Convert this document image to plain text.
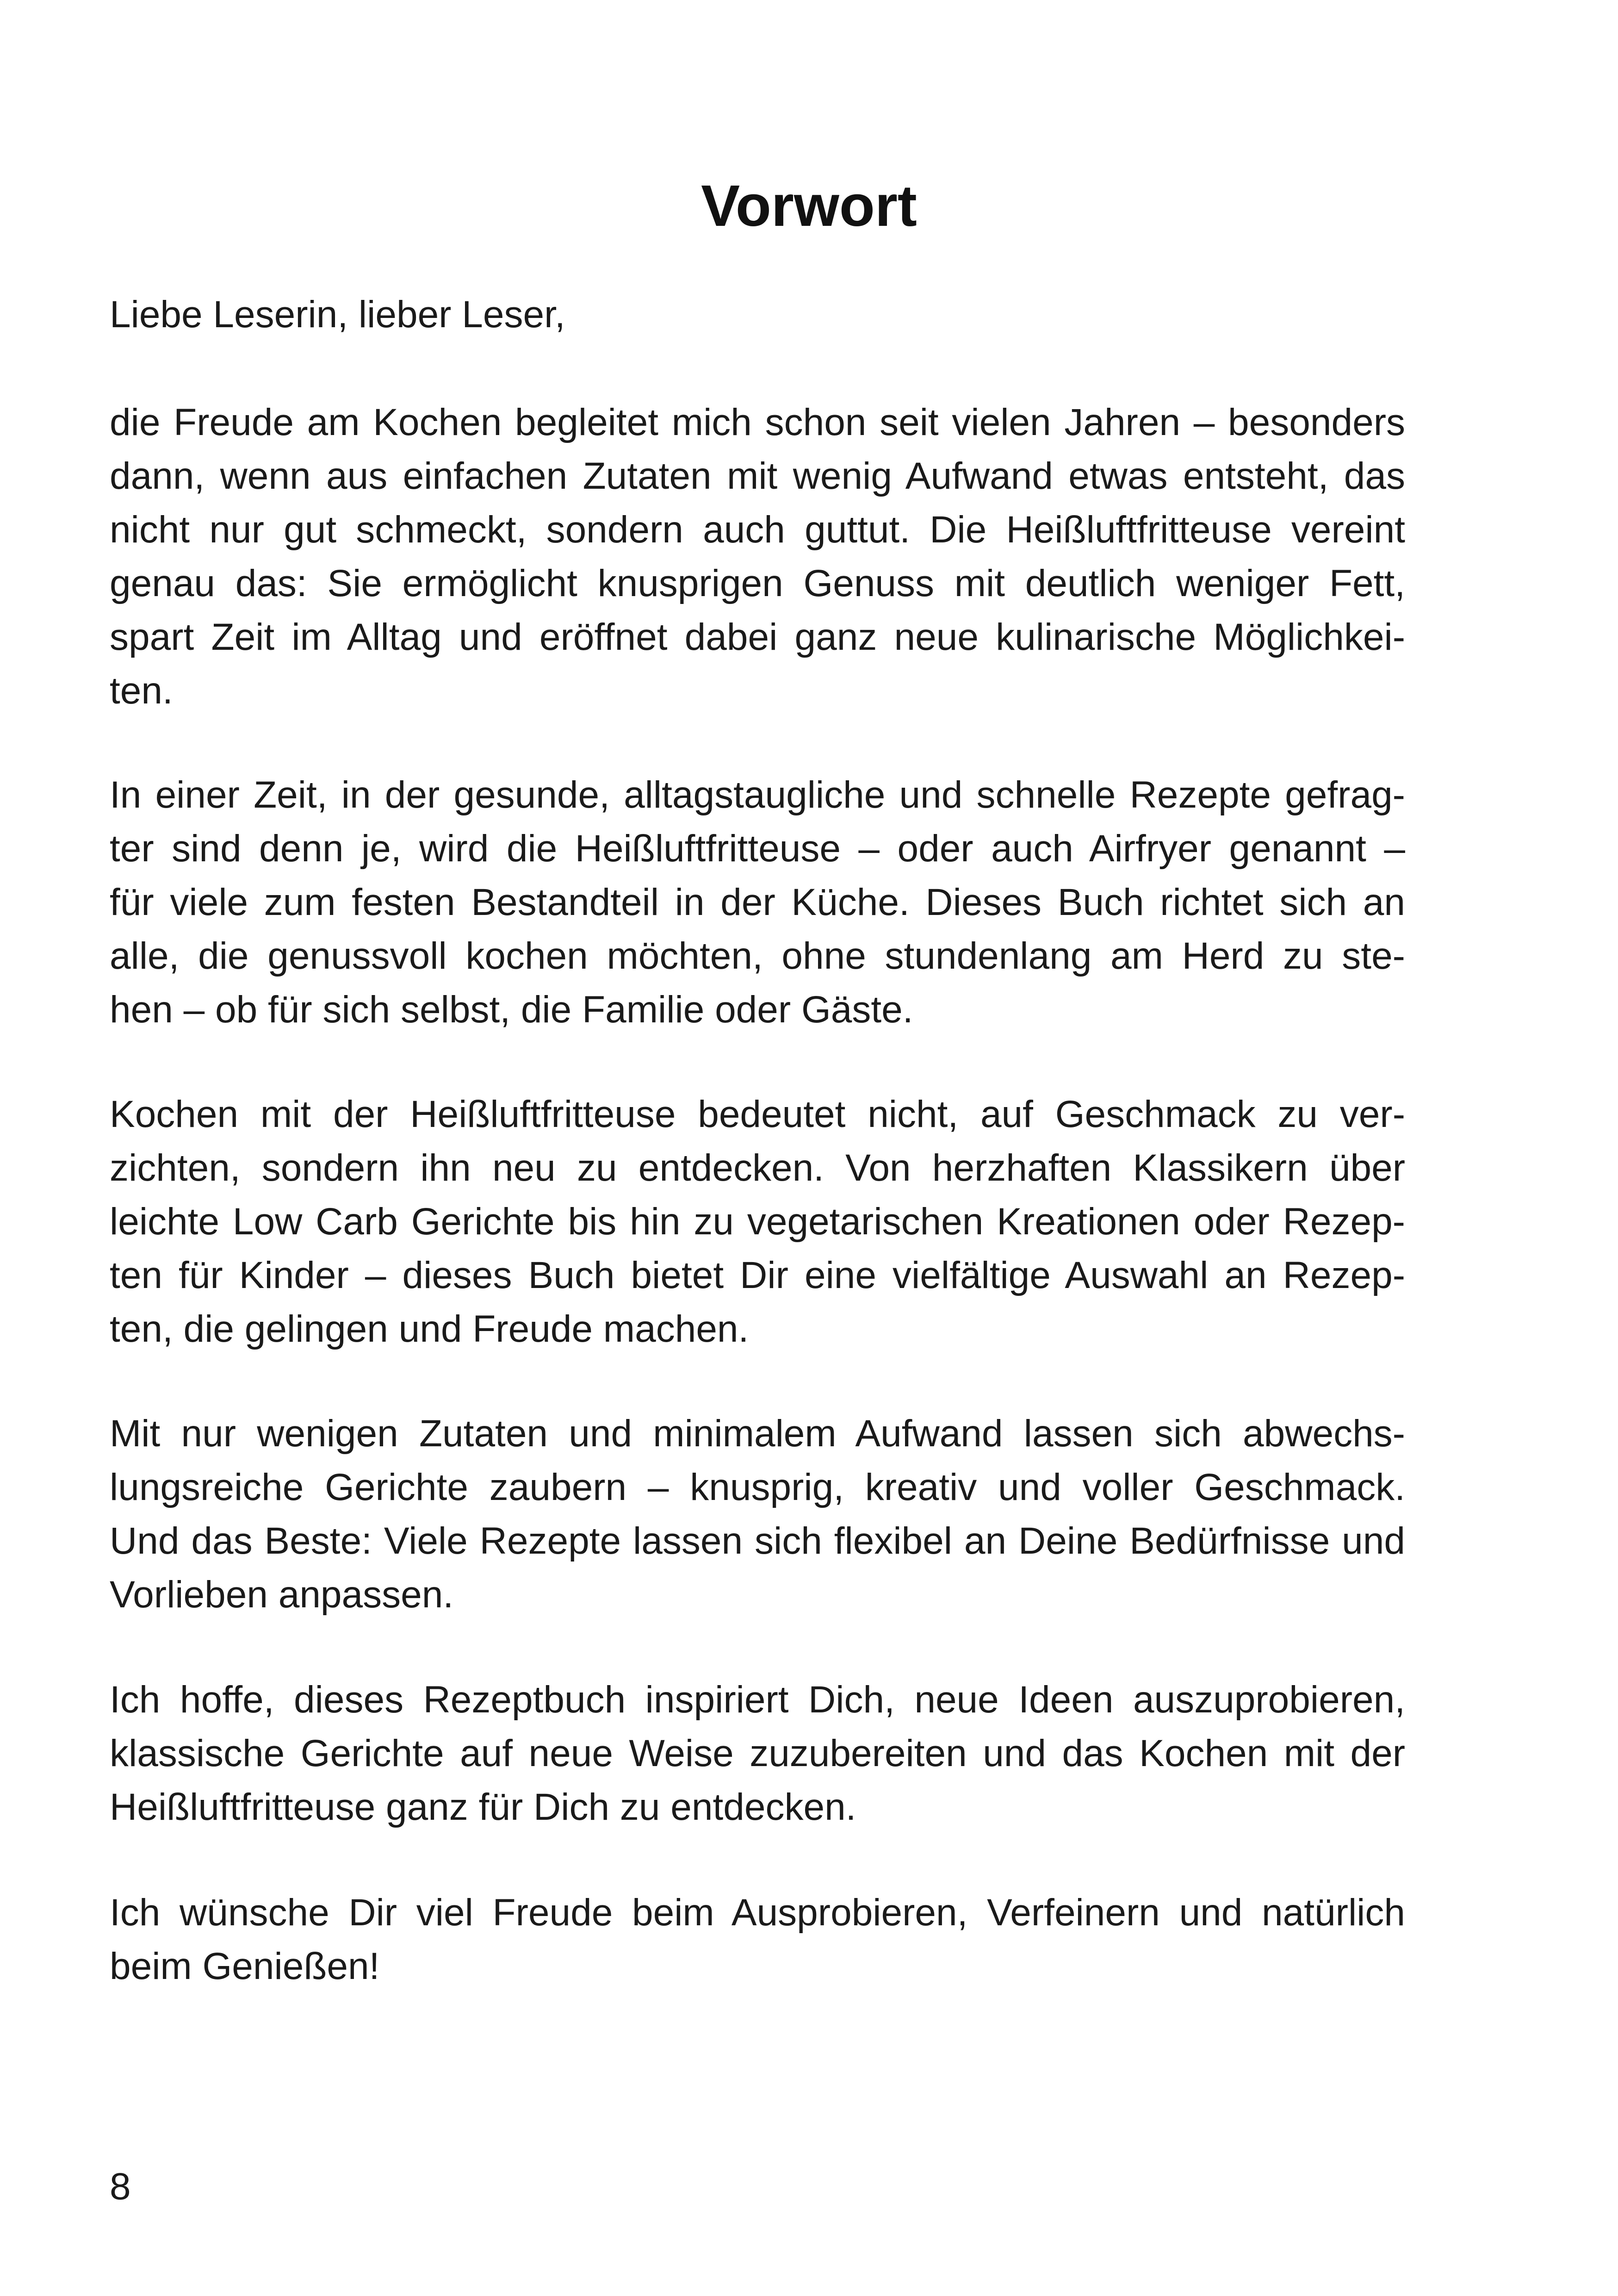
Vorwort

Liebe Leserin, lieber Leser,

die Freude am Kochen begleitet mich schon seit vielen Jahren – besonders
dann, wenn aus einfachen Zutaten mit wenig Aufwand etwas entsteht, das
nicht nur gut schmeckt, sondern auch guttut. Die Heißluftfritteuse vereint
genau das: Sie ermöglicht knusprigen Genuss mit deutlich weniger Fett,
spart Zeit im Alltag und eröffnet dabei ganz neue kulinarische Möglichkei-
ten.

In einer Zeit, in der gesunde, alltagstaugliche und schnelle Rezepte gefrag-
ter sind denn je, wird die Heißluftfritteuse – oder auch Airfryer genannt –
für viele zum festen Bestandteil in der Küche. Dieses Buch richtet sich an
alle, die genussvoll kochen möchten, ohne stundenlang am Herd zu ste-
hen – ob für sich selbst, die Familie oder Gäste.

Kochen mit der Heißluftfritteuse bedeutet nicht, auf Geschmack zu ver-
zichten, sondern ihn neu zu entdecken. Von herzhaften Klassikern über
leichte Low Carb Gerichte bis hin zu vegetarischen Kreationen oder Rezep-
ten für Kinder – dieses Buch bietet Dir eine vielfältige Auswahl an Rezep-
ten, die gelingen und Freude machen.

Mit nur wenigen Zutaten und minimalem Aufwand lassen sich abwechs-
lungsreiche Gerichte zaubern – knusprig, kreativ und voller Geschmack.
Und das Beste: Viele Rezepte lassen sich flexibel an Deine Bedürfnisse und
Vorlieben anpassen.

Ich hoffe, dieses Rezeptbuch inspiriert Dich, neue Ideen auszuprobieren,
klassische Gerichte auf neue Weise zuzubereiten und das Kochen mit der
Heißluftfritteuse ganz für Dich zu entdecken.

Ich wünsche Dir viel Freude beim Ausprobieren, Verfeinern und natürlich
beim Genießen!

8
